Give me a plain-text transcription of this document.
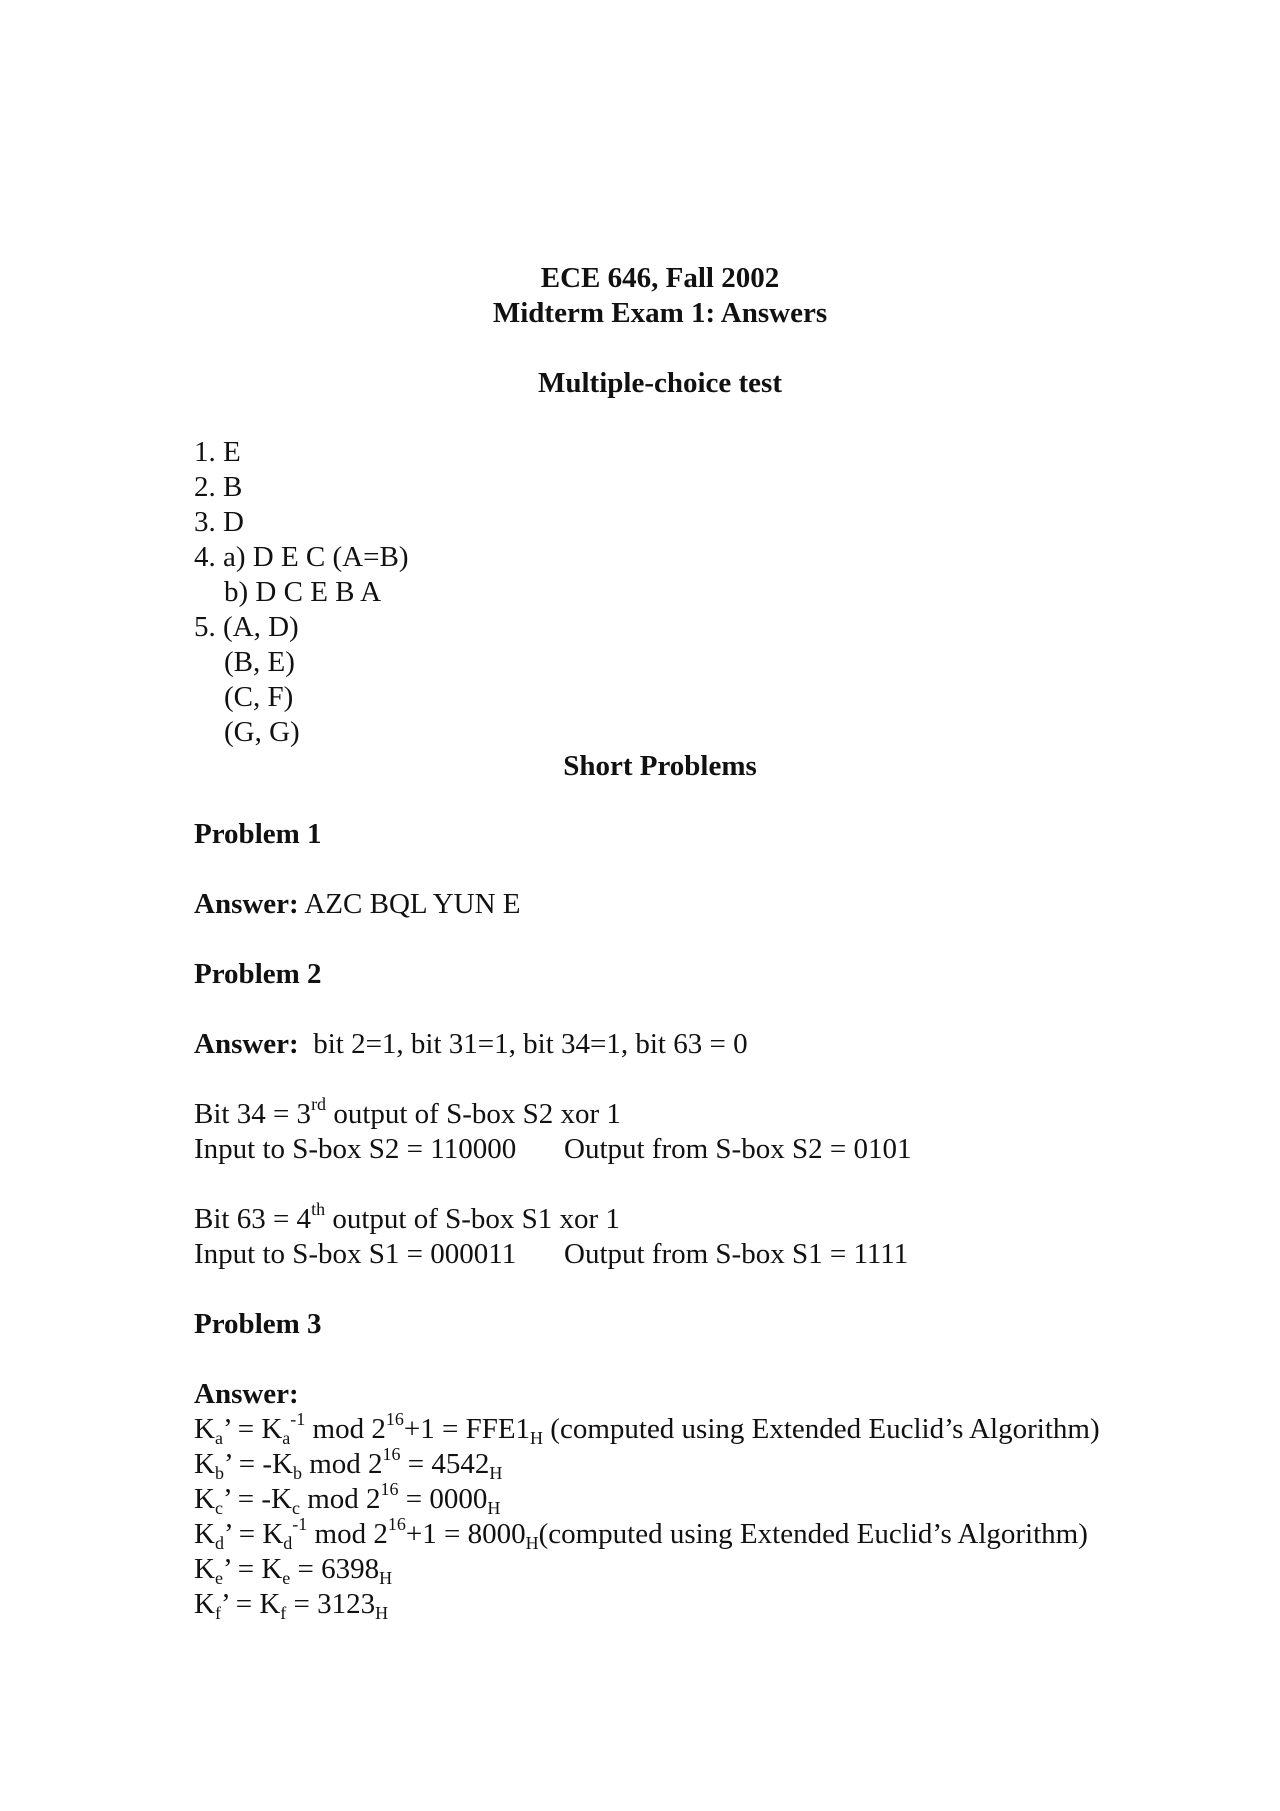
ECE 646, Fall 2002
Midterm Exam 1: Answers
Multiple-choice test
1. E
2. B
3. D
4. a) D E C (A=B)
b) D C E B A
5. (A, D)
(B, E)
(C, F)
(G, G)
Short Problems
Problem 1
Answer: AZC BQL YUN E
Problem 2
Answer: bit 2=1, bit 31=1, bit 34=1, bit 63 = 0
Bit 34 = 3rd output of S-box S2 xor 1
Input to S-box S2 = 110000 Output from S-box S2 = 0101
Bit 63 = 4th output of S-box S1 xor 1
Input to S-box S1 = 000011 Output from S-box S1 = 1111
Problem 3
Answer:
$K_a$’ = $K_a^{-1}$ mod $2^{16}+1 = FFE1_H$ (computed using Extended Euclid’s Algorithm)
$K_b$’ = $-K_b$ mod $2^{16} = 4542_H$
$K_c$’ = $-K_c$ mod $2^{16} = 0000_H$
$K_d$’ = $K_d^{-1}$ mod $2^{16}+1$ = $8000_H(computed$ using Extended Euclid’s Algorithm)
$K_e$’ = $K_e = 6398_H$
$K_f$’ = $K_f = 3123_H$
